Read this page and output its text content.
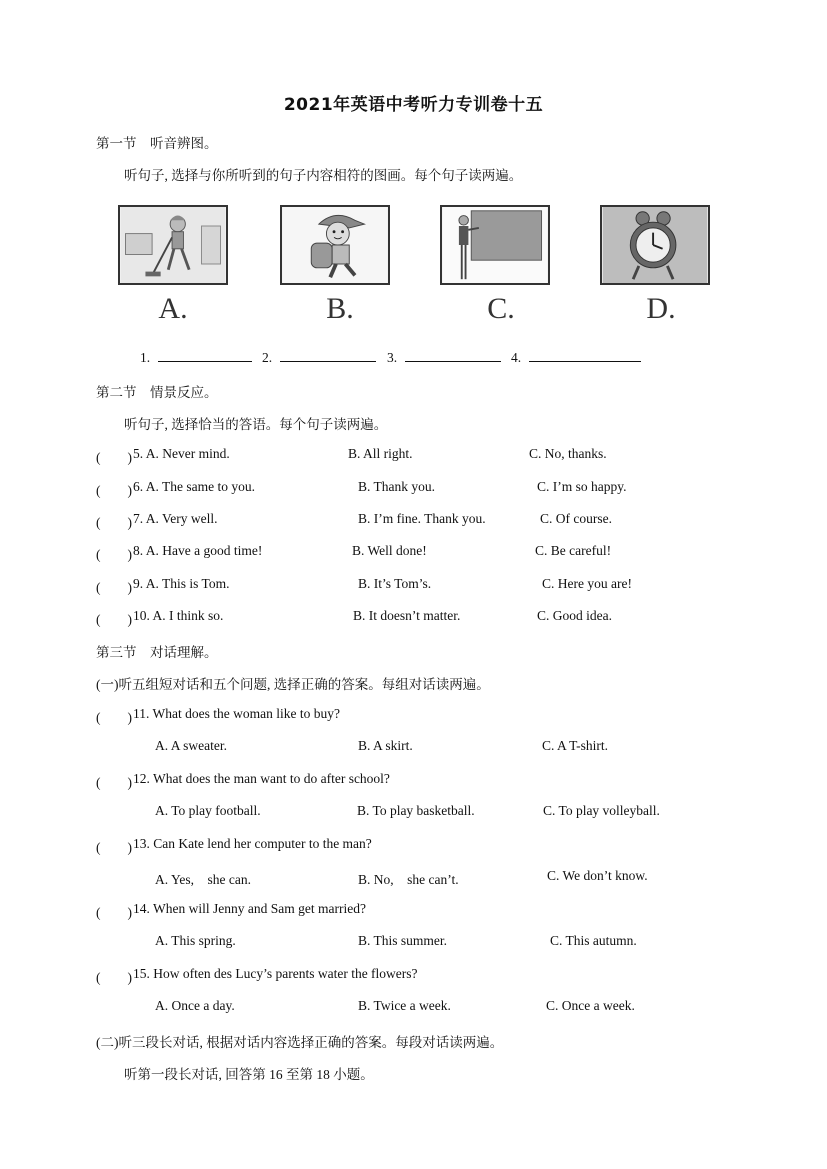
2021年英语中考听力专训卷十五
第一节　听音辨图。
听句子, 选择与你所听到的句子内容相符的图画。每个句子读两遍。
A.	B.	C.	D.
1.	2.	3.	4.
第二节　情景反应。
听句子, 选择恰当的答语。每个句子读两遍。
(　　) 5. A. Never mind.	B. All right.	C. No, thanks.
(　　) 6. A. The same to you.	B. Thank you.	C. I’m so happy.
(　　) 7. A. Very well.	B. I’m fine. Thank you.	C. Of course.
(　　) 8. A. Have a good time!	B. Well done!	C. Be careful!
(　　) 9. A. This is Tom.	B. It’s Tom’s.	C. Here you are!
(　　) 10. A. I think so.	B. It doesn’t matter.	C. Good idea.
第三节　对话理解。
(一)听五组短对话和五个问题, 选择正确的答案。每组对话读两遍。
(　　) 11. What does the woman like to buy?
A. A sweater.	B. A skirt.	C. A T-shirt.
(　　) 12. What does the man want to do after school?
A. To play football.	B. To play basketball.	C. To play volleyball.
(　　) 13. Can Kate lend her computer to the man?
A. Yes,　she can.	B. No,　she can’t.	C. We don’t know.
(　　) 14. When will Jenny and Sam get married?
A. This spring.	B. This summer.	C. This autumn.
(　　) 15. How often des Lucy’s parents water the flowers?
A. Once a day.	B. Twice a week.	C. Once a week.
(二)听三段长对话, 根据对话内容选择正确的答案。每段对话读两遍。
听第一段长对话, 回答第 16 至第 18 小题。
